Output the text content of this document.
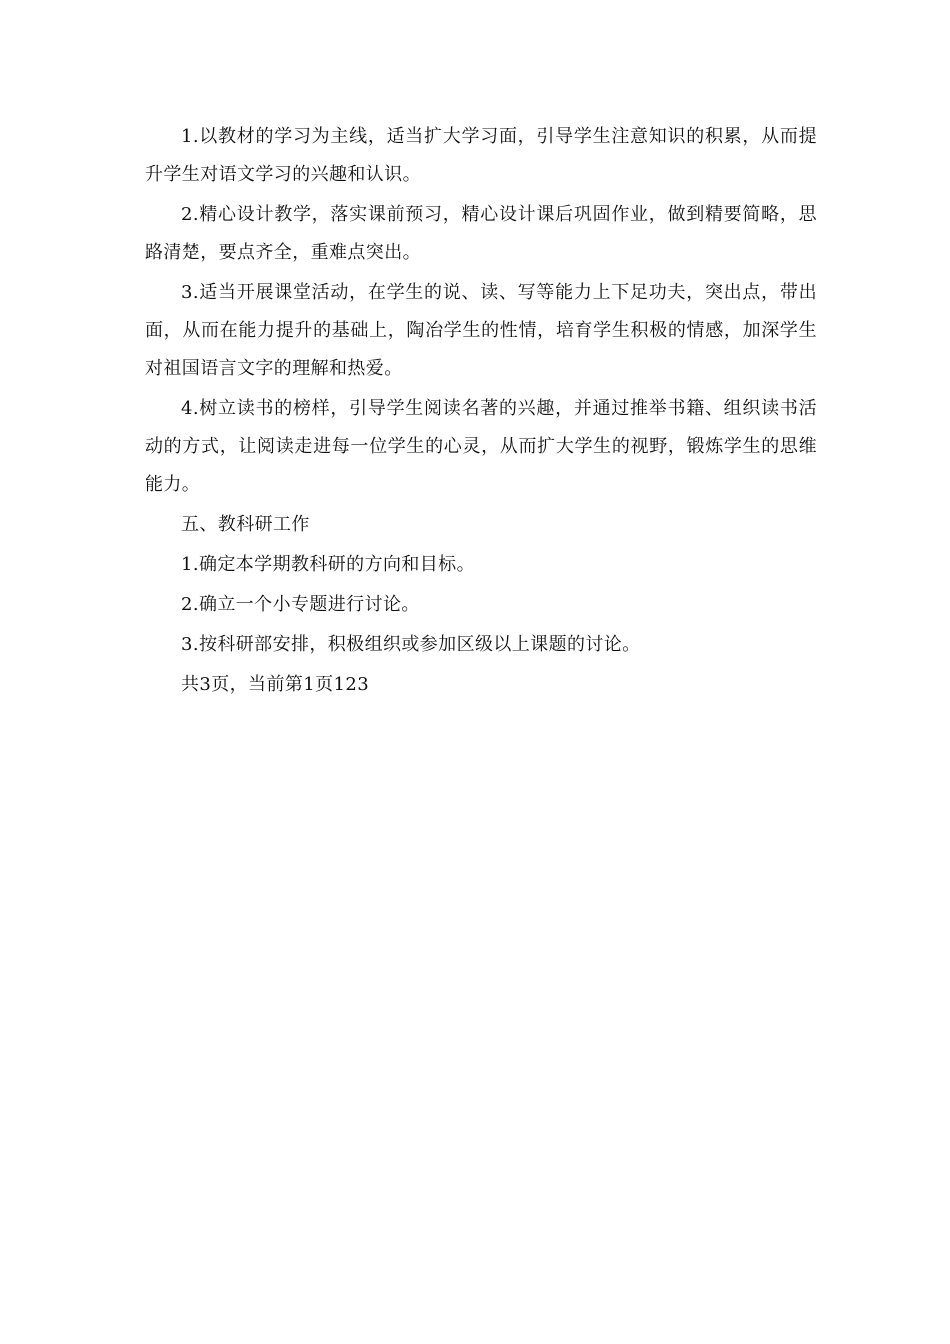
1.以教材的学习为主线，适当扩大学习面，引导学生注意知识的积累，从而提升学生对语文学习的兴趣和认识。

2.精心设计教学，落实课前预习，精心设计课后巩固作业，做到精要简略，思路清楚，要点齐全，重难点突出。

3.适当开展课堂活动，在学生的说、读、写等能力上下足功夫，突出点，带出面，从而在能力提升的基础上，陶冶学生的性情，培育学生积极的情感，加深学生对祖国语言文字的理解和热爱。

4.树立读书的榜样，引导学生阅读名著的兴趣，并通过推举书籍、组织读书活动的方式，让阅读走进每一位学生的心灵，从而扩大学生的视野，锻炼学生的思维能力。

五、教科研工作

1.确定本学期教科研的方向和目标。

2.确立一个小专题进行讨论。

3.按科研部安排，积极组织或参加区级以上课题的讨论。

共3页，当前第1页123
